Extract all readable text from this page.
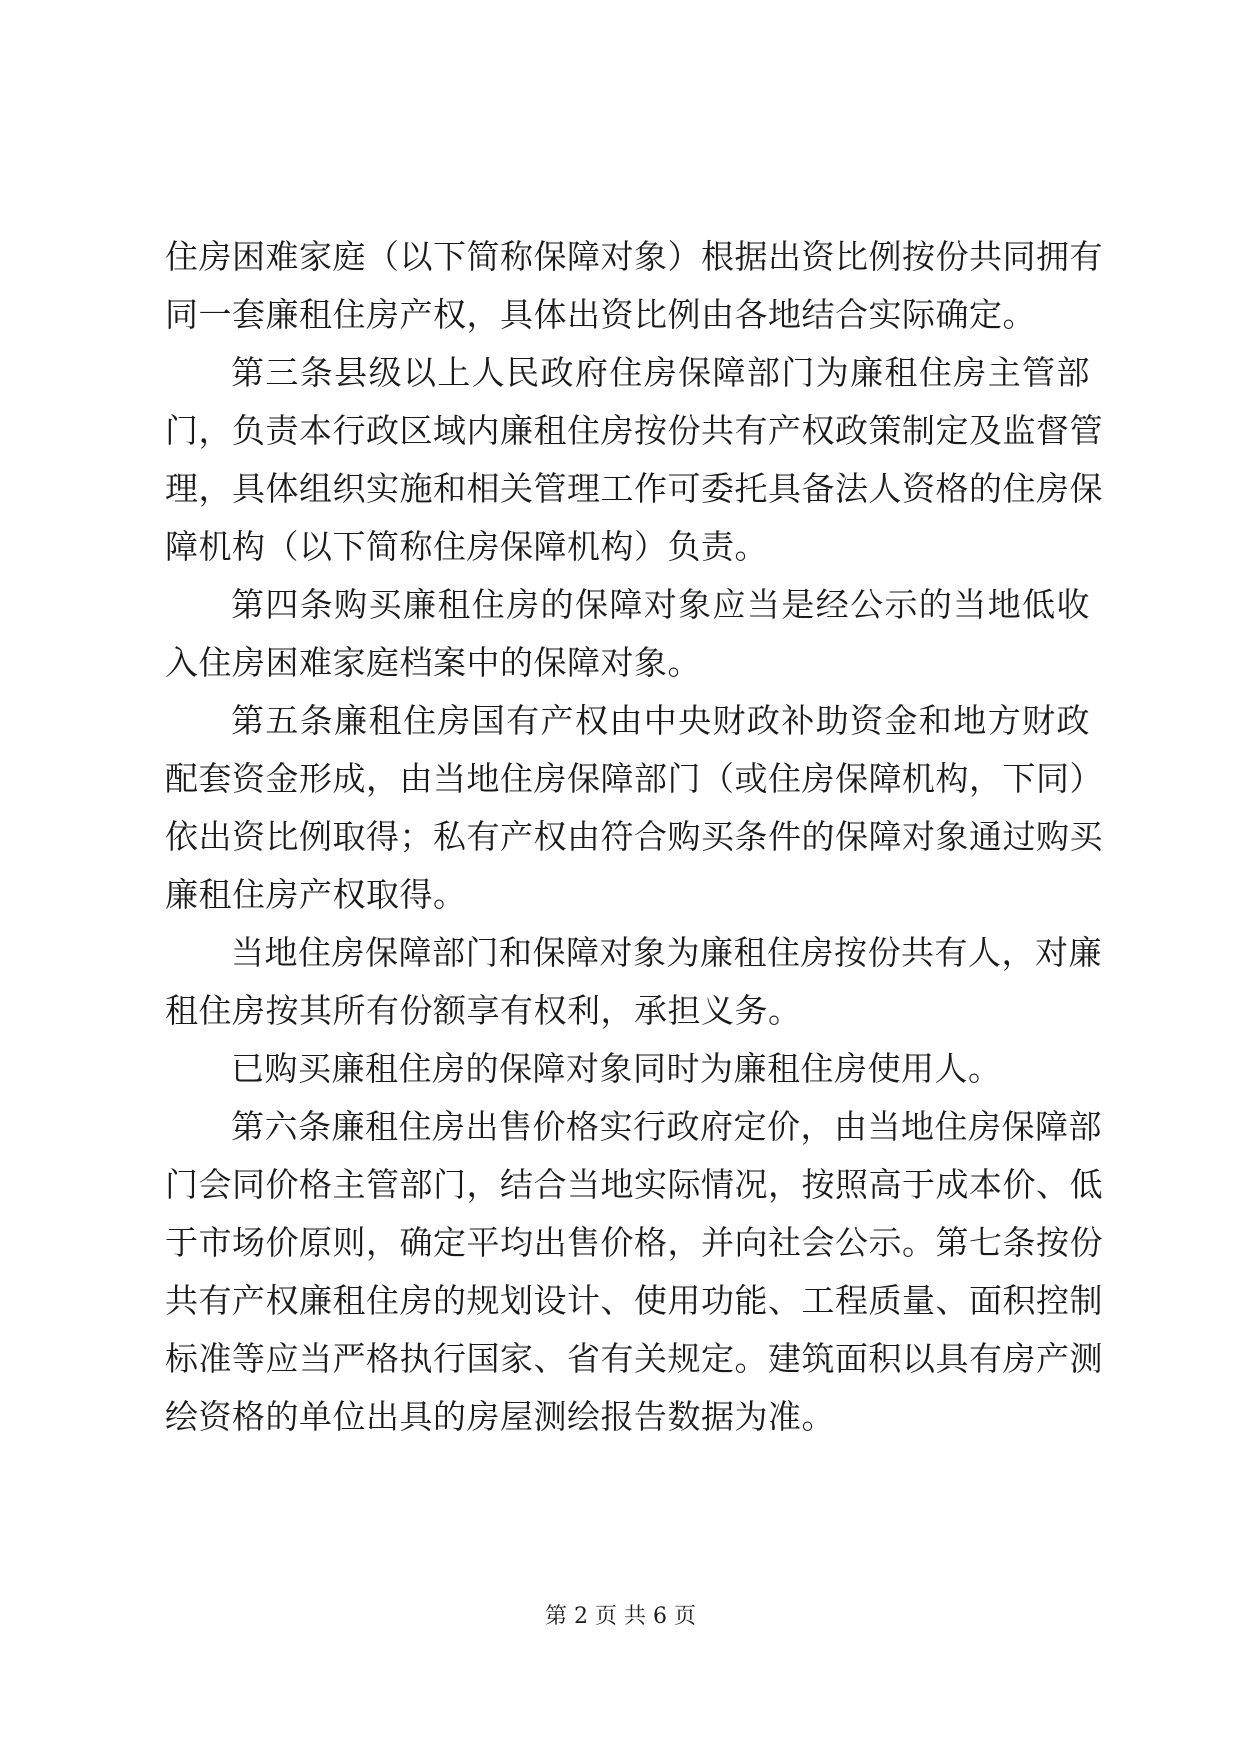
住房困难家庭（以下简称保障对象）根据出资比例按份共同拥有
同一套廉租住房产权，具体出资比例由各地结合实际确定。
第三条县级以上人民政府住房保障部门为廉租住房主管部
门，负责本行政区域内廉租住房按份共有产权政策制定及监督管
理，具体组织实施和相关管理工作可委托具备法人资格的住房保
障机构（以下简称住房保障机构）负责。
第四条购买廉租住房的保障对象应当是经公示的当地低收
入住房困难家庭档案中的保障对象。
第五条廉租住房国有产权由中央财政补助资金和地方财政
配套资金形成，由当地住房保障部门（或住房保障机构，下同）
依出资比例取得；私有产权由符合购买条件的保障对象通过购买
廉租住房产权取得。
当地住房保障部门和保障对象为廉租住房按份共有人，对廉
租住房按其所有份额享有权利，承担义务。
已购买廉租住房的保障对象同时为廉租住房使用人。
第六条廉租住房出售价格实行政府定价，由当地住房保障部
门会同价格主管部门，结合当地实际情况，按照高于成本价、低
于市场价原则，确定平均出售价格，并向社会公示。第七条按份
共有产权廉租住房的规划设计、使用功能、工程质量、面积控制
标准等应当严格执行国家、省有关规定。建筑面积以具有房产测
绘资格的单位出具的房屋测绘报告数据为准。
第 2 页 共 6 页
